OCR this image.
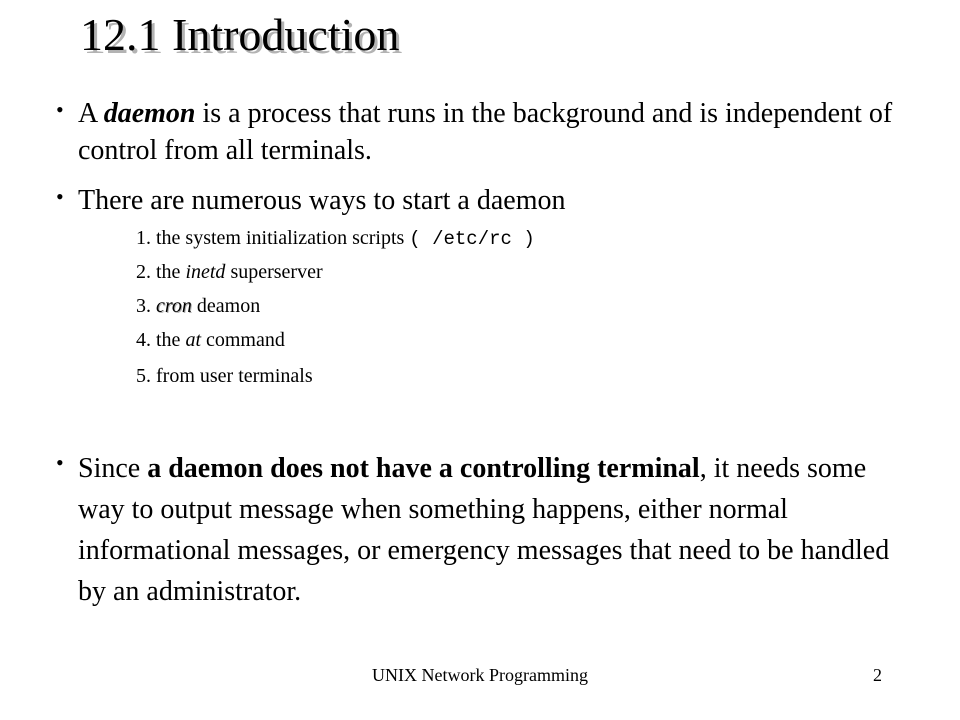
12.1 Introduction
• A daemon is a process that runs in the background and is independent of control from all terminals.
• There are numerous ways to start a daemon
1. the system initialization scripts ( /etc/rc )
2. the inetd superserver
3. cron deamon
4. the at command
5. from user terminals
• Since a daemon does not have a controlling terminal, it needs some way to output message when something happens, either normal informational messages, or emergency messages that need to be handled by an administrator.
UNIX Network Programming	2
